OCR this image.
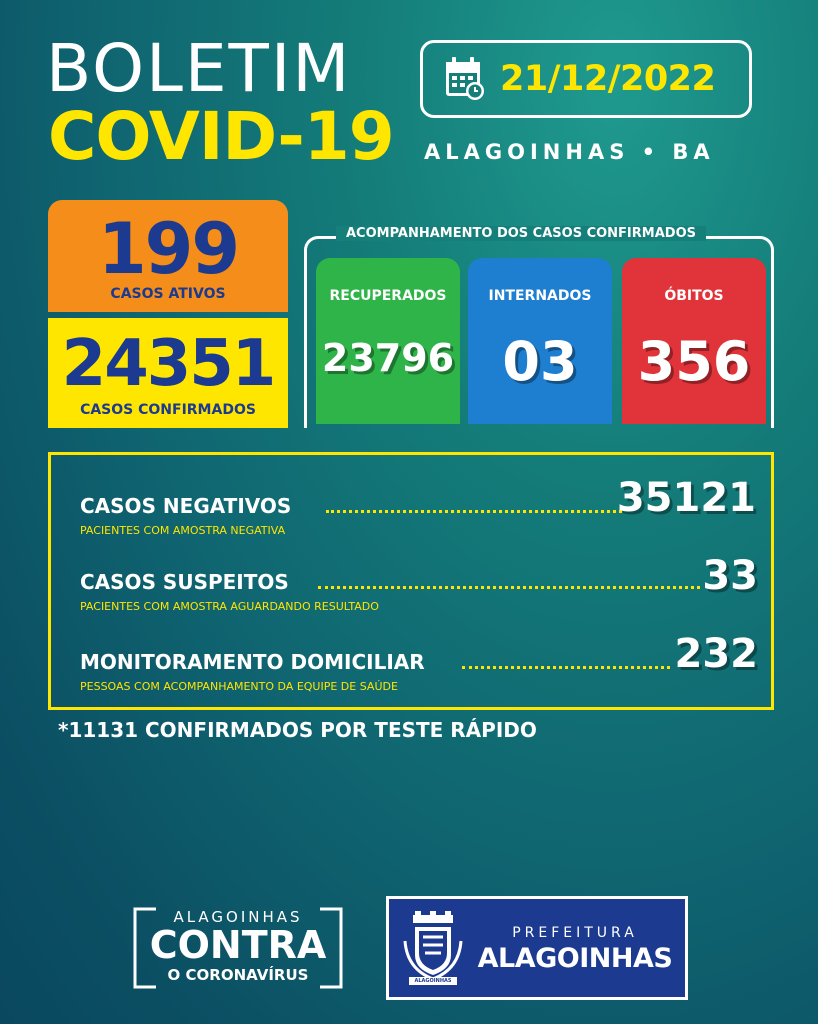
BOLETIM
COVID-19
21/12/2022
ALAGOINHAS • BA
199
CASOS ATIVOS
24351
CASOS CONFIRMADOS
ACOMPANHAMENTO DOS CASOS CONFIRMADOS
RECUPERADOS
23796
INTERNADOS
03
ÓBITOS
356
CASOS NEGATIVOS	35121
PACIENTES COM AMOSTRA NEGATIVA
CASOS SUSPEITOS	33
PACIENTES COM AMOSTRA AGUARDANDO RESULTADO
MONITORAMENTO DOMICILIAR	232
PESSOAS COM ACOMPANHAMENTO DA EQUIPE DE SAÚDE
*11131 CONFIRMADOS POR TESTE RÁPIDO
ALAGOINHAS
CONTRA
O CORONAVÍRUS	ALAGOINHAS
PREFEITURA
ALAGOINHAS
